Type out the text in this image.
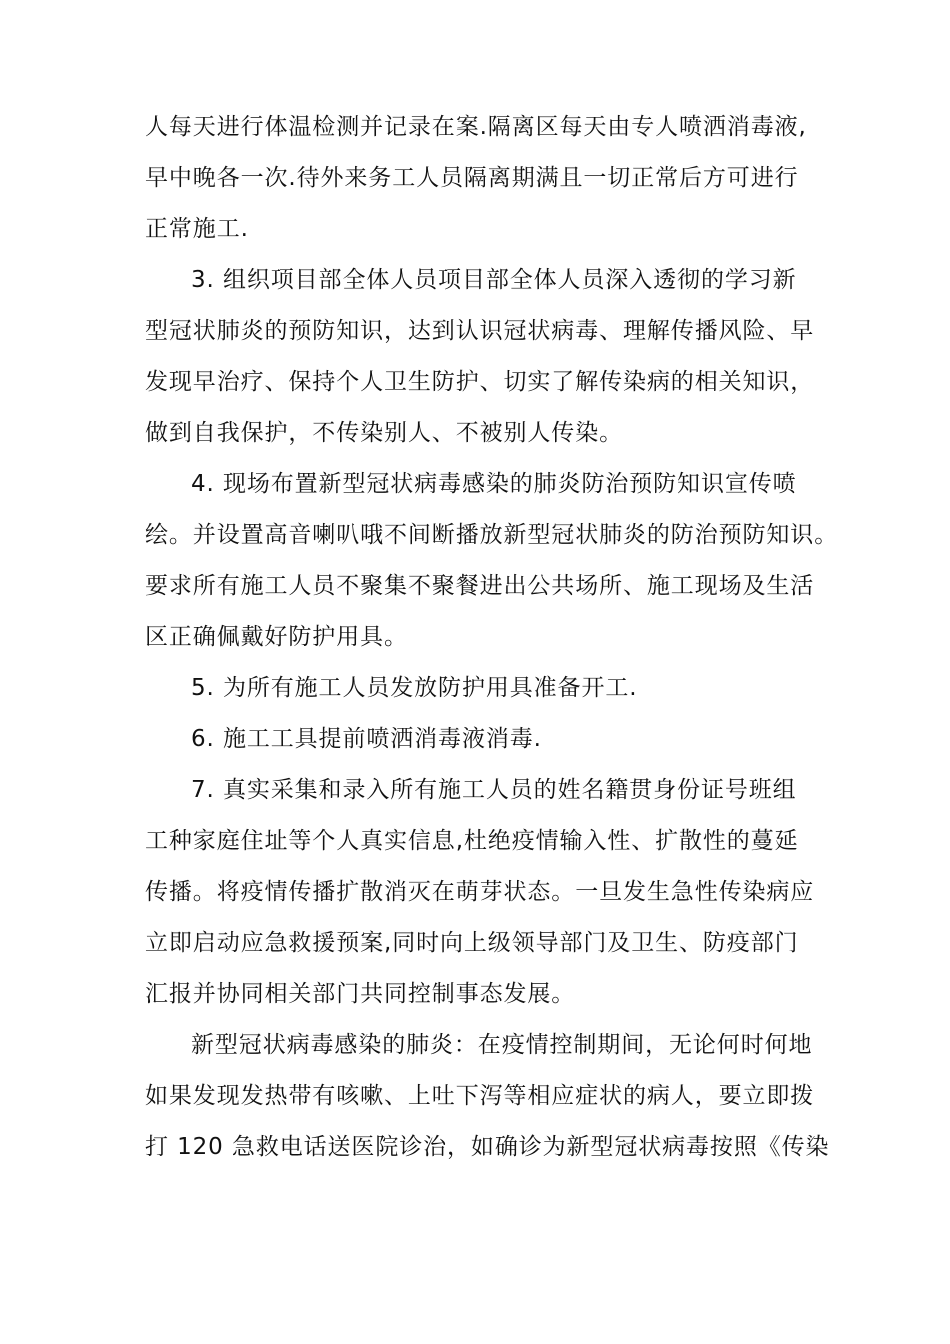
人每天进行体温检测并记录在案.隔离区每天由专人喷洒消毒液,
早中晚各一次.待外来务工人员隔离期满且一切正常后方可进行
正常施工.
3. 组织项目部全体人员项目部全体人员深入透彻的学习新
型冠状肺炎的预防知识，达到认识冠状病毒、理解传播风险、早
发现早治疗、保持个人卫生防护、切实了解传染病的相关知识，
做到自我保护，不传染别人、不被别人传染。
4. 现场布置新型冠状病毒感染的肺炎防治预防知识宣传喷
绘。并设置高音喇叭哦不间断播放新型冠状肺炎的防治预防知识。
要求所有施工人员不聚集不聚餐进出公共场所、施工现场及生活
区正确佩戴好防护用具。
5. 为所有施工人员发放防护用具准备开工.
6. 施工工具提前喷洒消毒液消毒.
7. 真实采集和录入所有施工人员的姓名籍贯身份证号班组
工种家庭住址等个人真实信息,杜绝疫情输入性、扩散性的蔓延
传播。将疫情传播扩散消灭在萌芽状态。一旦发生急性传染病应
立即启动应急救援预案,同时向上级领导部门及卫生、防疫部门
汇报并协同相关部门共同控制事态发展。
新型冠状病毒感染的肺炎：在疫情控制期间，无论何时何地
如果发现发热带有咳嗽、上吐下泻等相应症状的病人，要立即拨
打 120 急救电话送医院诊治，如确诊为新型冠状病毒按照《传染
